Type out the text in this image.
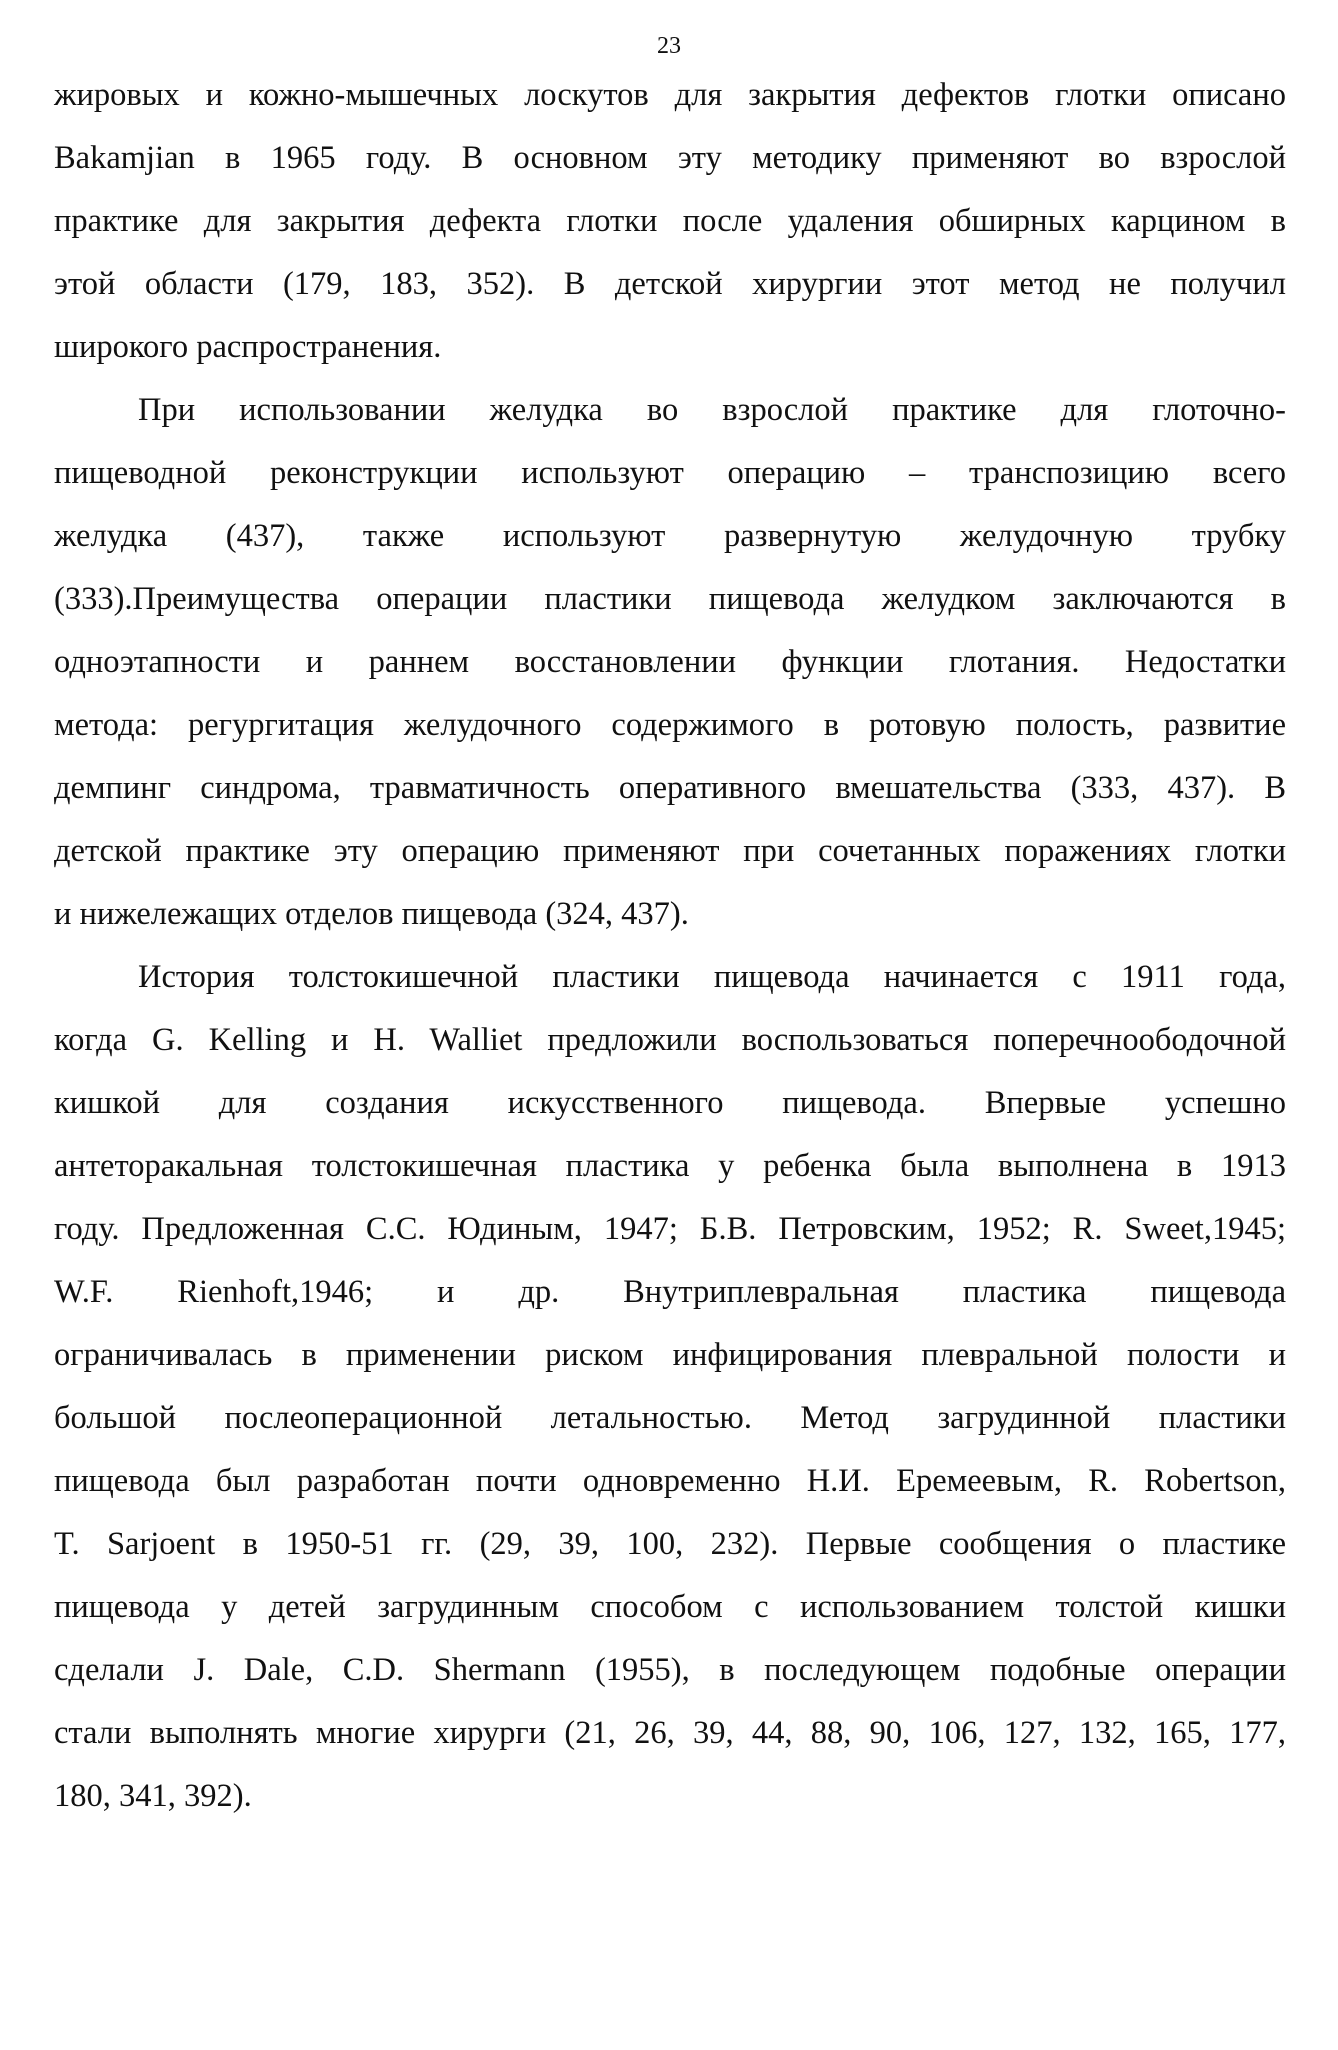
23
жировых и кожно-мышечных лоскутов для закрытия дефектов глотки описано
Bakamjian в 1965 году. В основном эту методику применяют во взрослой
практике для закрытия дефекта глотки после удаления обширных карцином в
этой области (179, 183, 352). В детской хирургии этот метод не получил
широкого распространения.
При использовании желудка во взрослой практике для глоточно-
пищеводной реконструкции используют операцию – транспозицию всего
желудка (437), также используют развернутую желудочную трубку
(333).Преимущества операции пластики пищевода желудком заключаются в
одноэтапности и раннем восстановлении функции глотания. Недостатки
метода: регургитация желудочного содержимого в ротовую полость, развитие
демпинг синдрома, травматичность оперативного вмешательства (333, 437). В
детской практике эту операцию применяют при сочетанных поражениях глотки
и нижележащих отделов пищевода (324, 437).
История толстокишечной пластики пищевода начинается с 1911 года,
когда G. Kelling и H. Walliet предложили воспользоваться поперечноободочной
кишкой для создания искусственного пищевода. Впервые успешно
антеторакальная толстокишечная пластика у ребенка была выполнена в 1913
году. Предложенная С.С. Юдиным, 1947; Б.В. Петровским, 1952; R. Sweet,1945;
W.F. Rienhoft,1946; и др. Внутриплевральная пластика пищевода
ограничивалась в применении риском инфицирования плевральной полости и
большой послеоперационной летальностью. Метод загрудинной пластики
пищевода был разработан почти одновременно Н.И. Еремеевым, R. Robertson,
T. Sarjoent в 1950-51 гг. (29, 39, 100, 232). Первые сообщения о пластике
пищевода у детей загрудинным способом с использованием толстой кишки
сделали J. Dale, C.D. Shermann (1955), в последующем подобные операции
стали выполнять многие хирурги (21, 26, 39, 44, 88, 90, 106, 127, 132, 165, 177,
180, 341, 392).
